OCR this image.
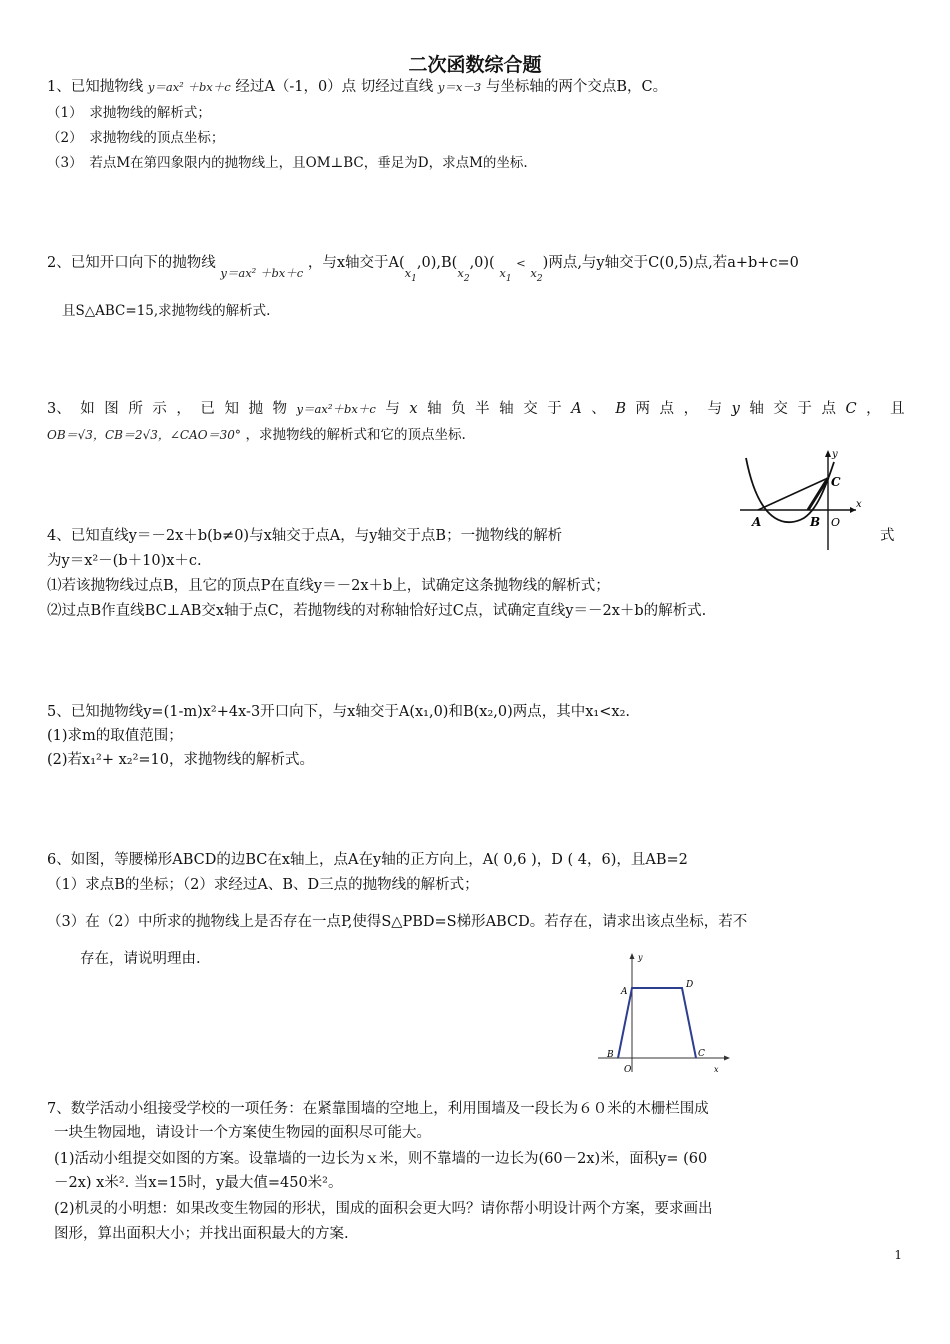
二次函数综合题
1、已知抛物线 y＝ax² ＋bx＋c 经过A（-1，0）点 切经过直线 y＝x－3 与坐标轴的两个交点B，C。
（1）　求抛物线的解析式；
（2）　求抛物线的顶点坐标；
（3）　若点M在第四象限内的抛物线上，且OM⊥BC，垂足为D，求点M的坐标.
2、已知开口向下的抛物线 $_{y=ax^2 +bx+c}$ ，与x轴交于$A(_{x1},0),B(_{x2},0)$( $_{x1}$ < $_{x2}$)两点,与y轴交于C(0,5)点,若a+b+c=0
且S△ABC=15,求抛物线的解析式.
3、 如 图 所 示 ， 已 知 抛 物 y＝ax²＋bx＋c 与 x 轴 负 半 轴 交 于 A 、 B 两 点 ， 与 y 轴 交 于 点 C ， 且
OB＝√3，CB＝2√3，∠CAO＝30° ，求抛物线的解析式和它的顶点坐标.
A	B O
C
x
y
4、已知直线y＝－2x＋b(b≠0)与x轴交于点A，与y轴交于点B；一抛物线的解析	式
为y＝x²－(b＋10)x＋c.
⑴若该抛物线过点B，且它的顶点P在直线y＝－2x＋b上，试确定这条抛物线的解析式；
⑵过点B作直线BC⊥AB交x轴于点C，若抛物线的对称轴恰好过C点，试确定直线y＝－2x＋b的解析式.
5、已知抛物线y=(1-m)x²+4x-3开口向下，与x轴交于A(x₁,0)和B(x₂,0)两点，其中x₁<x₂.
(1)求m的取值范围；
(2)若x₁²+ x₂²=10，求抛物线的解析式。
6、如图，等腰梯形ABCD的边BC在x轴上，点A在y轴的正方向上，A( 0,6 )，D ( 4，6)，且AB=2
（1）求点B的坐标；（2）求经过A、B、D三点的抛物线的解析式；
（3）在（2）中所求的抛物线上是否存在一点P,使得S△PBD=S梯形ABCD。若存在，请求出该点坐标，若不
存在，请说明理由.	y
A
D
B
O
C
x
7、数学活动小组接受学校的一项任务：在紧靠围墙的空地上，利用围墙及一段长为６０米的木栅栏围成
一块生物园地，请设计一个方案使生物园的面积尽可能大。
(1)活动小组提交如图的方案。设靠墙的一边长为ｘ米，则不靠墙的一边长为(60－2x)米，面积y= (60
－2x) x米². 当x=15时，y最大值=450米²。
(2)机灵的小明想：如果改变生物园的形状，围成的面积会更大吗？请你帮小明设计两个方案，要求画出
图形，算出面积大小；并找出面积最大的方案.
1
